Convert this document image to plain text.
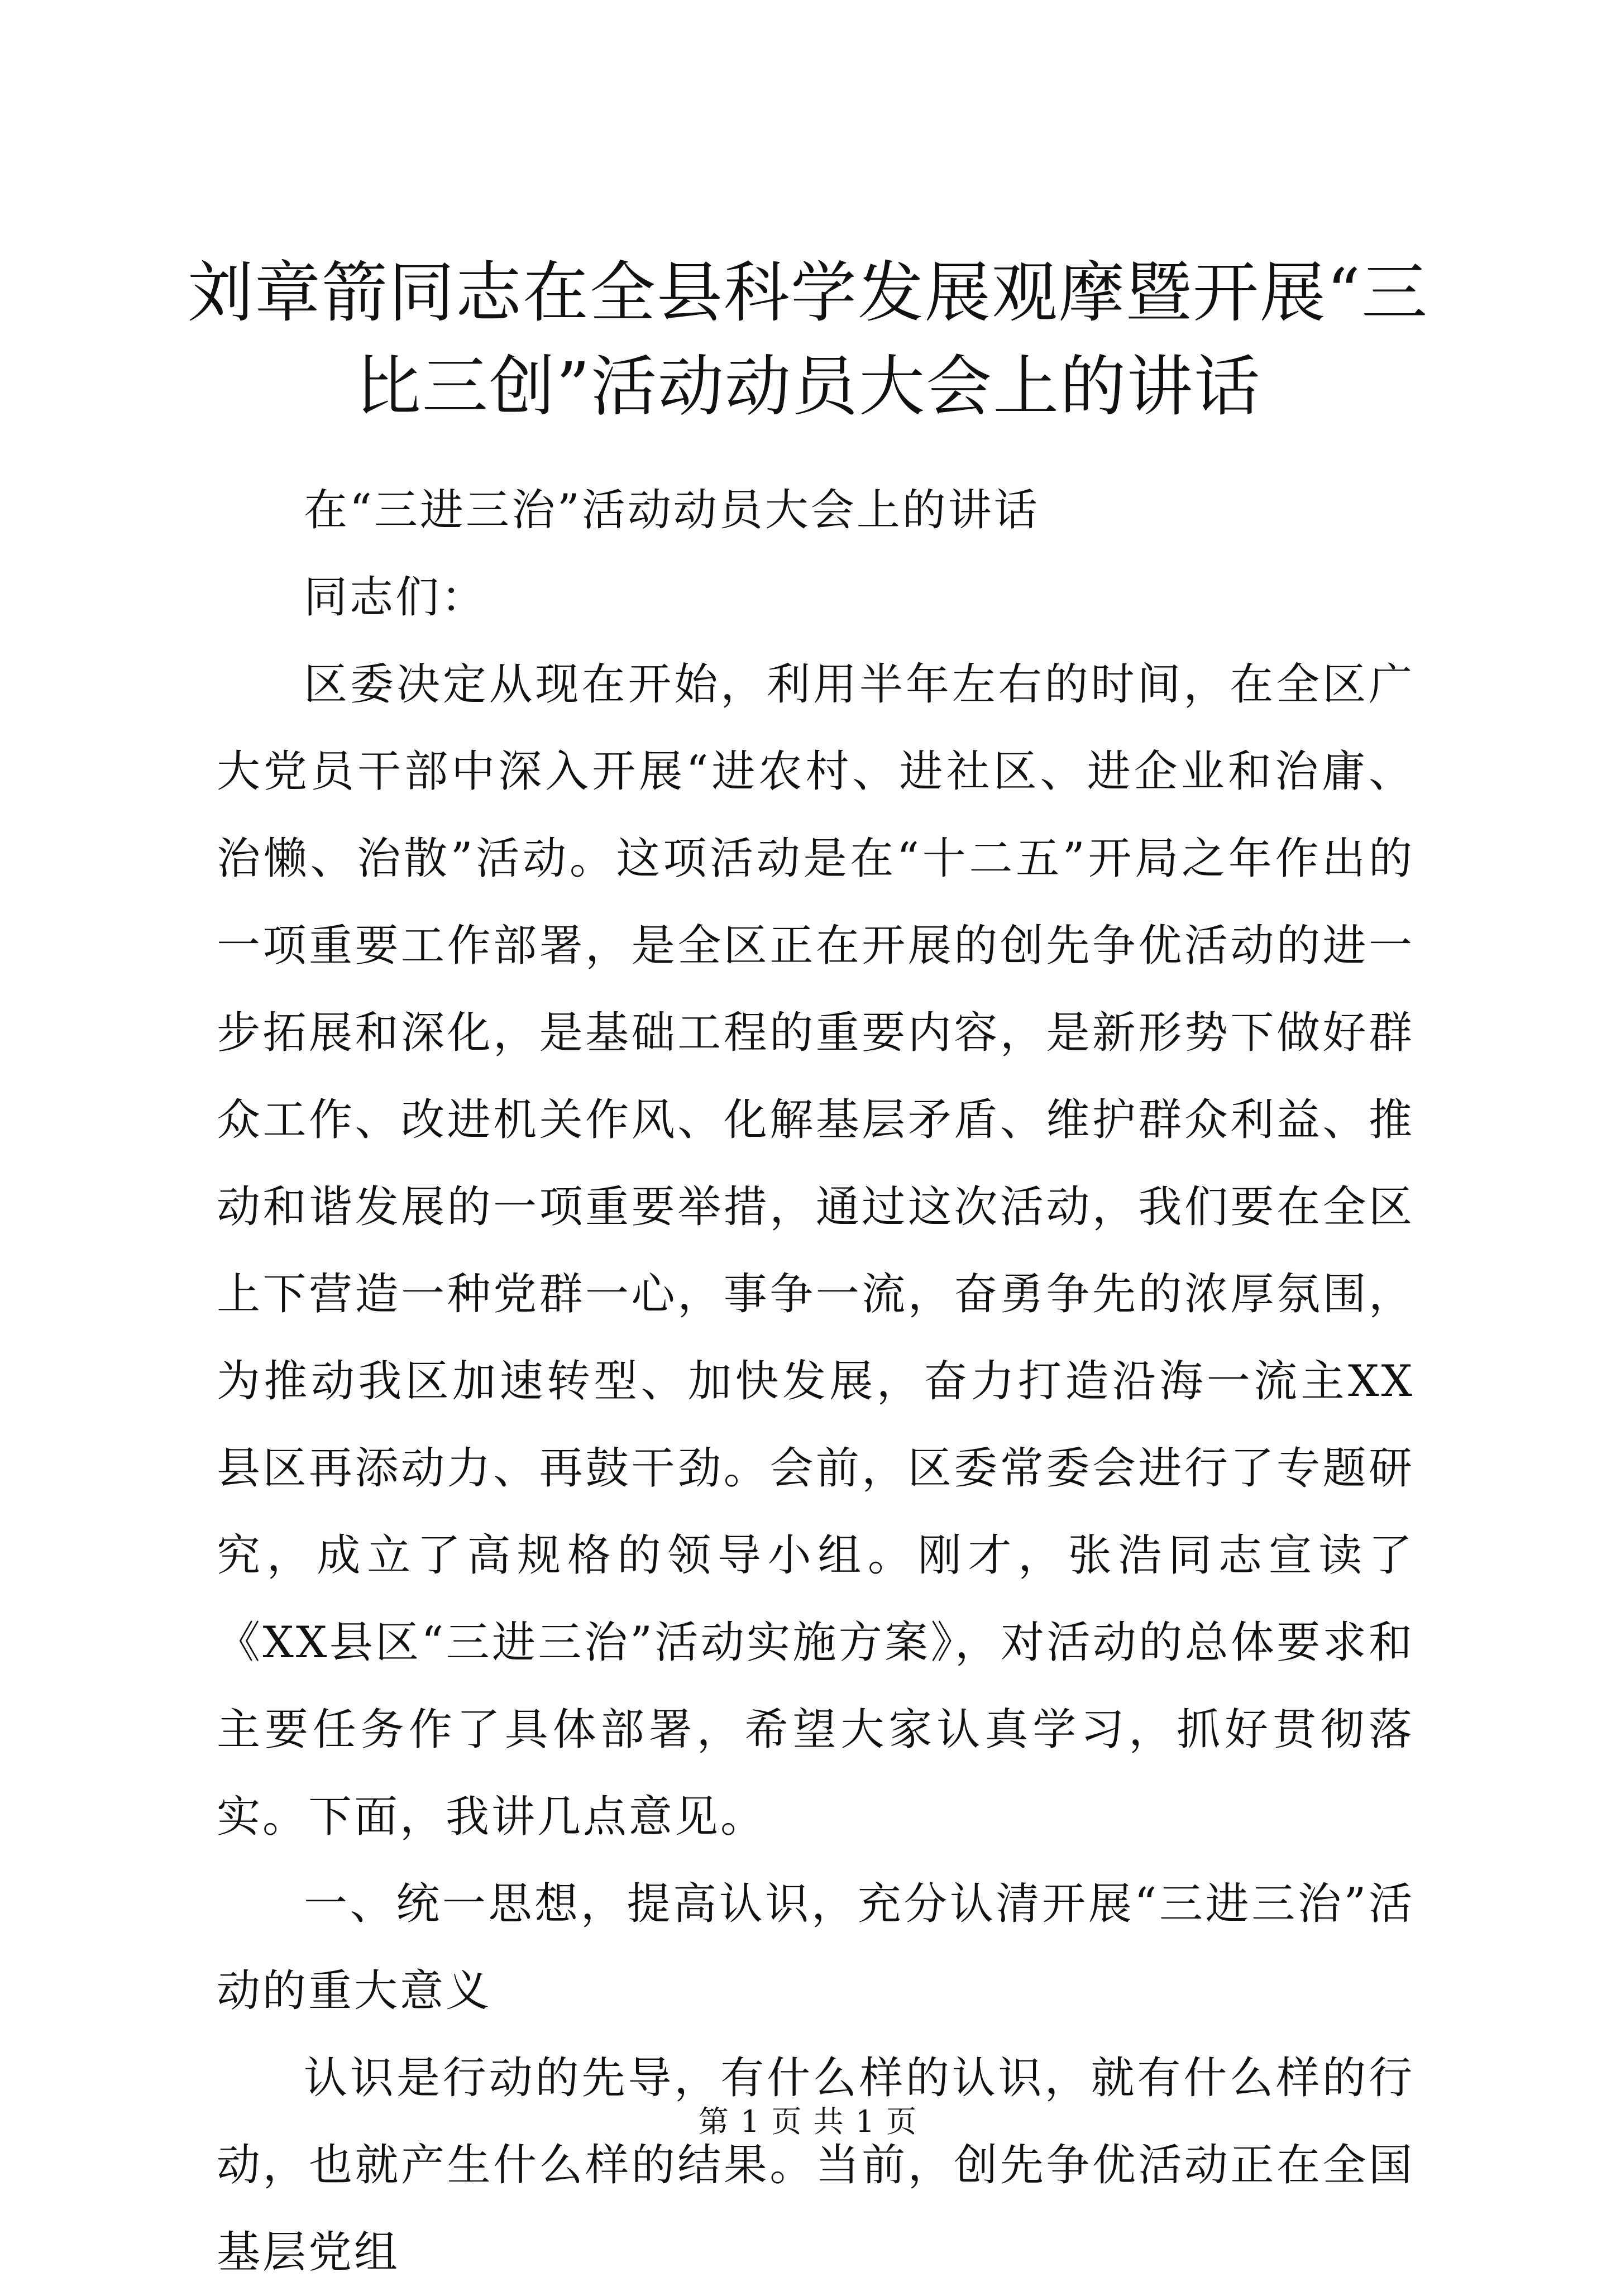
刘章箭同志在全县科学发展观摩暨开展“三比三创”活动动员大会上的讲话

在“三进三治”活动动员大会上的讲话

同志们：

区委决定从现在开始，利用半年左右的时间，在全区广大党员干部中深入开展“进农村、进社区、进企业和治庸、治懒、治散”活动。这项活动是在“十二五”开局之年作出的一项重要工作部署，是全区正在开展的创先争优活动的进一步拓展和深化，是基础工程的重要内容，是新形势下做好群众工作、改进机关作风、化解基层矛盾、维护群众利益、推动和谐发展的一项重要举措，通过这次活动，我们要在全区上下营造一种党群一心，事争一流，奋勇争先的浓厚氛围，为推动我区加速转型、加快发展，奋力打造沿海一流主XX县区再添动力、再鼓干劲。会前，区委常委会进行了专题研究，成立了高规格的领导小组。刚才，张浩同志宣读了《XX县区“三进三治”活动实施方案》，对活动的总体要求和主要任务作了具体部署，希望大家认真学习，抓好贯彻落实。下面，我讲几点意见。

一、统一思想，提高认识，充分认清开展“三进三治”活动的重大意义

认识是行动的先导，有什么样的认识，就有什么样的行动，也就产生什么样的结果。当前，创先争优活动正在全国基层党组

第 1 页 共 1 页
